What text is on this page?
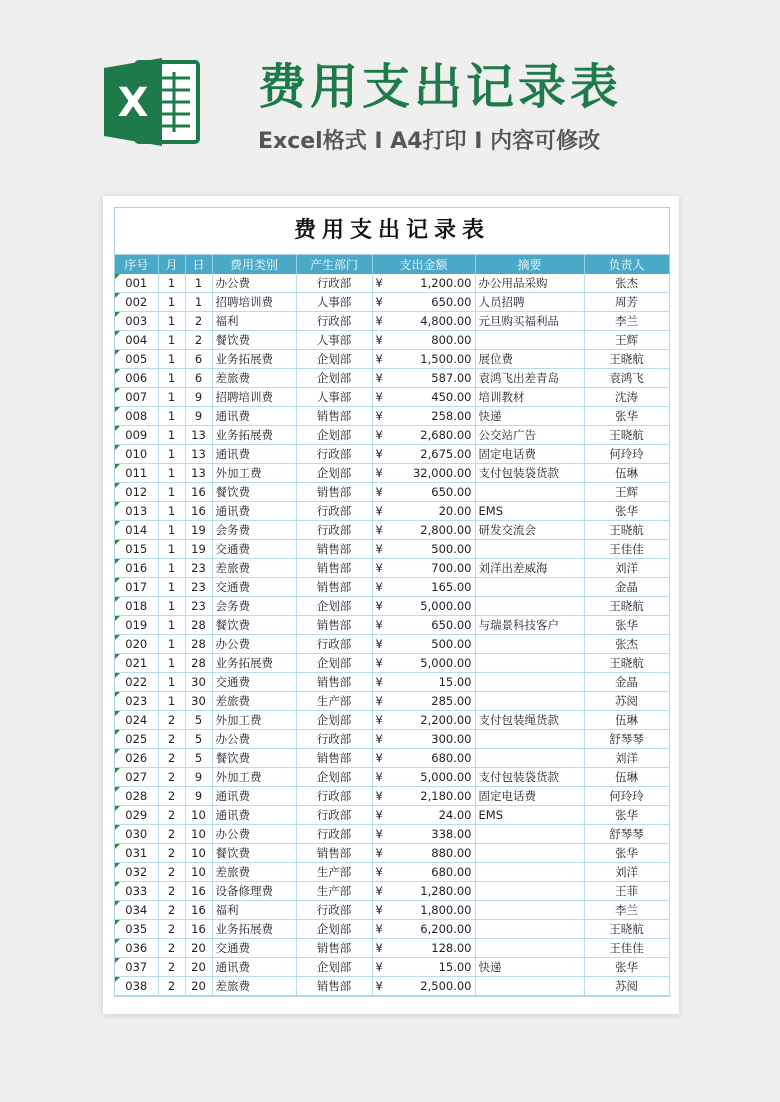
X 费用支出记录表
Excel格式 I A4打印 I 内容可修改
费用支出记录表
序号	月	日	费用类别	产生部门	支出金额	摘要	负责人
001	1	1	办公费	行政部	¥ 1,200.00	办公用品采购	张杰
002	1	1	招聘培训费	人事部	¥ 650.00	人员招聘	周芳
003	1	2	福利	行政部	¥ 4,800.00	元旦购买福利品	李兰
004	1	2	餐饮费	人事部	¥ 800.00		王辉
005	1	6	业务拓展费	企划部	¥ 1,500.00	展位费	王晓航
006	1	6	差旅费	企划部	¥ 587.00	袁鸿飞出差青岛	袁鸿飞
007	1	9	招聘培训费	人事部	¥ 450.00	培训教材	沈涛
008	1	9	通讯费	销售部	¥ 258.00	快递	张华
009	1	13	业务拓展费	企划部	¥ 2,680.00	公交站广告	王晓航
010	1	13	通讯费	行政部	¥ 2,675.00	固定电话费	何玲玲
011	1	13	外加工费	企划部	¥ 32,000.00	支付包装袋货款	伍琳
012	1	16	餐饮费	销售部	¥ 650.00		王辉
013	1	16	通讯费	行政部	¥ 20.00	EMS	张华
014	1	19	会务费	行政部	¥ 2,800.00	研发交流会	王晓航
015	1	19	交通费	销售部	¥ 500.00		王佳佳
016	1	23	差旅费	销售部	¥ 700.00	刘洋出差威海	刘洋
017	1	23	交通费	销售部	¥ 165.00		金晶
018	1	23	会务费	企划部	¥ 5,000.00		王晓航
019	1	28	餐饮费	销售部	¥ 650.00	与瑞景科技客户	张华
020	1	28	办公费	行政部	¥ 500.00		张杰
021	1	28	业务拓展费	企划部	¥ 5,000.00		王晓航
022	1	30	交通费	销售部	¥ 15.00		金晶
023	1	30	差旅费	生产部	¥ 285.00		苏阅
024	2	5	外加工费	企划部	¥ 2,200.00	支付包装绳货款	伍琳
025	2	5	办公费	行政部	¥ 300.00		舒琴琴
026	2	5	餐饮费	销售部	¥ 680.00		刘洋
027	2	9	外加工费	企划部	¥ 5,000.00	支付包装袋货款	伍琳
028	2	9	通讯费	行政部	¥ 2,180.00	固定电话费	何玲玲
029	2	10	通讯费	行政部	¥ 24.00	EMS	张华
030	2	10	办公费	行政部	¥ 338.00		舒琴琴
031	2	10	餐饮费	销售部	¥ 880.00		张华
032	2	10	差旅费	生产部	¥ 680.00		刘洋
033	2	16	设备修理费	生产部	¥ 1,280.00		王菲
034	2	16	福利	行政部	¥ 1,800.00		李兰
035	2	16	业务拓展费	企划部	¥ 6,200.00		王晓航
036	2	20	交通费	销售部	¥ 128.00		王佳佳
037	2	20	通讯费	企划部	¥ 15.00	快递	张华
038	2	20	差旅费	销售部	¥ 2,500.00		苏阅
